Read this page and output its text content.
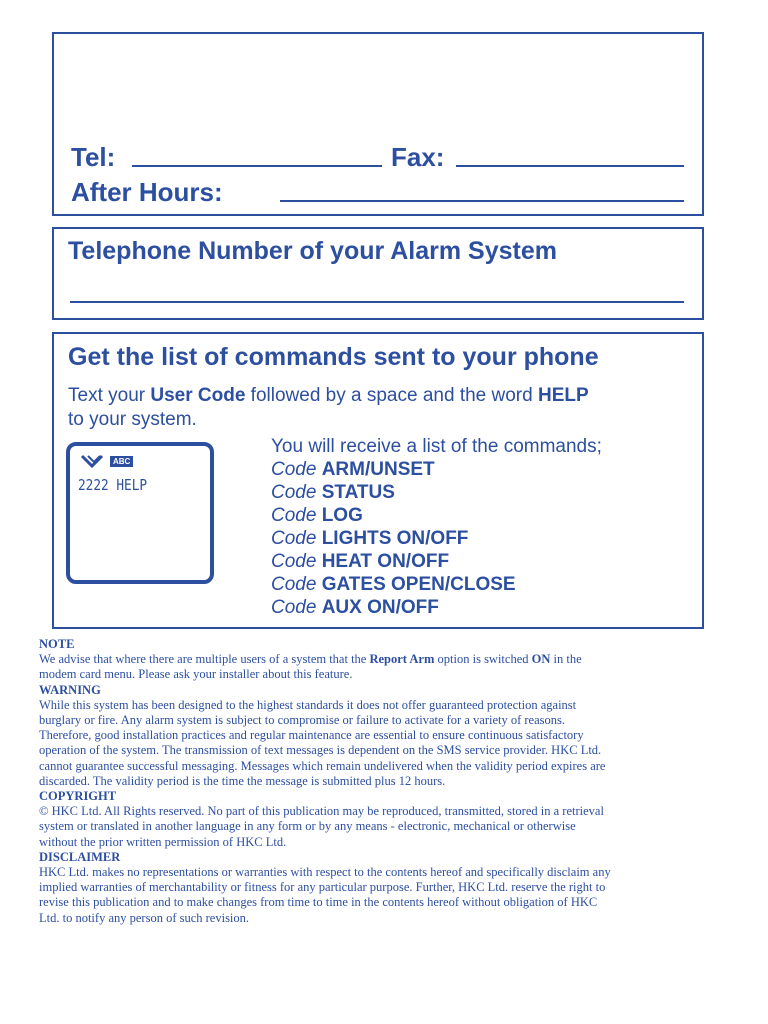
Tel:	Fax:
After Hours:
Telephone Number of your Alarm System
Get the list of commands sent to your phone
Text your User Code followed by a space and the word HELP
to your system.
ABC
2222 HELP
You will receive a list of the commands;
Code ARM/UNSET
Code STATUS
Code LOG
Code LIGHTS ON/OFF
Code HEAT ON/OFF
Code GATES OPEN/CLOSE
Code AUX ON/OFF

NOTE

We advise that where there are multiple users of a system that the Report Arm option is switched ON in the

modem card menu. Please ask your installer about this feature.

WARNING

While this system has been designed to the highest standards it does not offer guaranteed protection against

burglary or fire. Any alarm system is subject to compromise or failure to activate for a variety of reasons.

Therefore, good installation practices and regular maintenance are essential to ensure continuous satisfactory

operation of the system. The transmission of text messages is dependent on the SMS service provider. HKC Ltd.

cannot guarantee successful messaging. Messages which remain undelivered when the validity period expires are

discarded. The validity period is the time the message is submitted plus 12 hours.

COPYRIGHT

© HKC Ltd. All Rights reserved. No part of this publication may be reproduced, transmitted, stored in a retrieval

system or translated in another language in any form or by any means - electronic, mechanical or otherwise

without the prior written permission of HKC Ltd.

DISCLAIMER

HKC Ltd. makes no representations or warranties with respect to the contents hereof and specifically disclaim any

implied warranties of merchantability or fitness for any particular purpose. Further, HKC Ltd. reserve the right to

revise this publication and to make changes from time to time in the contents hereof without obligation of HKC

Ltd. to notify any person of such revision.
